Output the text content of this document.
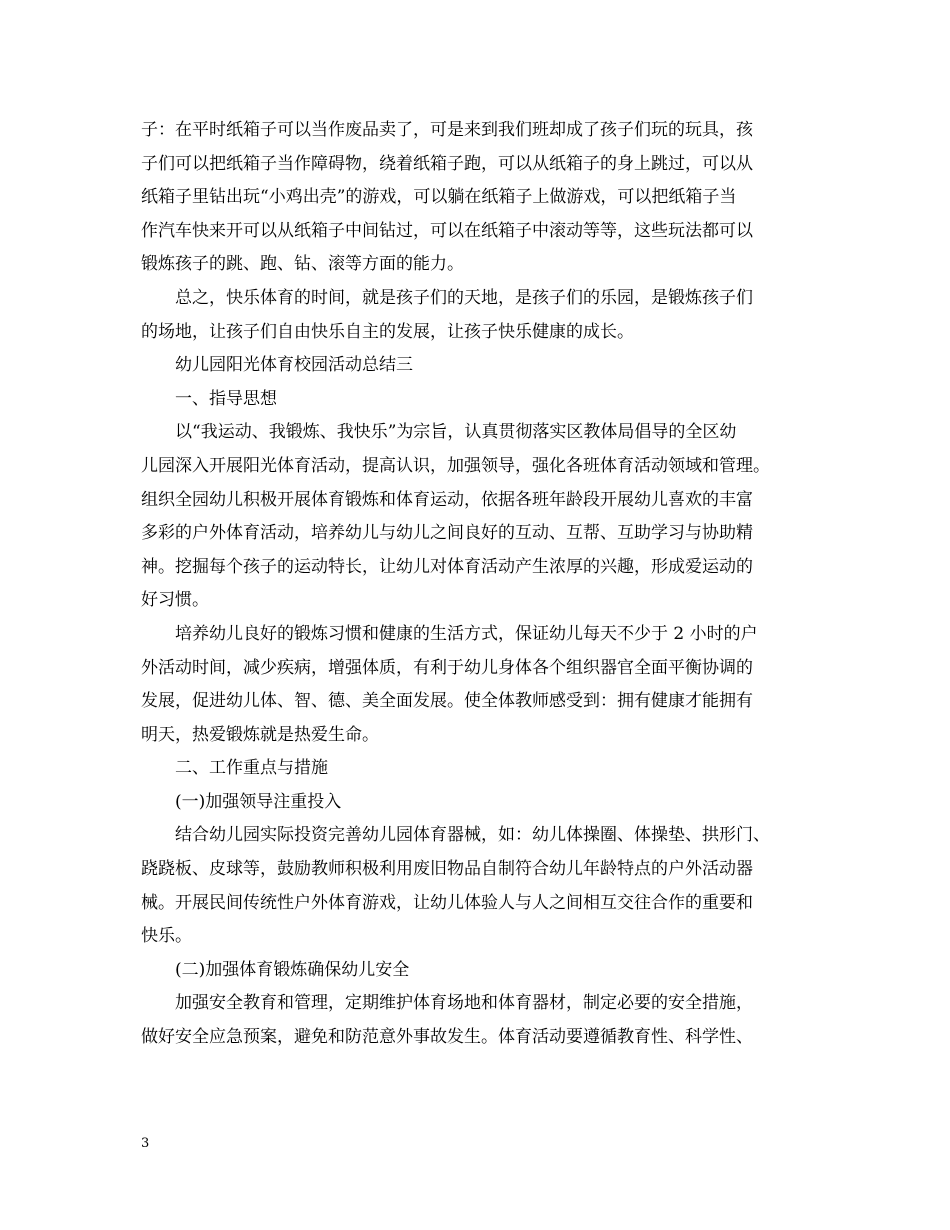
子：在平时纸箱子可以当作废品卖了，可是来到我们班却成了孩子们玩的玩具，孩
子们可以把纸箱子当作障碍物，绕着纸箱子跑，可以从纸箱子的身上跳过，可以从
纸箱子里钻出玩“小鸡出壳”的游戏，可以躺在纸箱子上做游戏，可以把纸箱子当
作汽车快来开可以从纸箱子中间钻过，可以在纸箱子中滚动等等，这些玩法都可以
锻炼孩子的跳、跑、钻、滚等方面的能力。
总之，快乐体育的时间，就是孩子们的天地，是孩子们的乐园，是锻炼孩子们
的场地，让孩子们自由快乐自主的发展，让孩子快乐健康的成长。
幼儿园阳光体育校园活动总结三
一、指导思想
以“我运动、我锻炼、我快乐”为宗旨，认真贯彻落实区教体局倡导的全区幼
儿园深入开展阳光体育活动，提高认识，加强领导，强化各班体育活动领域和管理。
组织全园幼儿积极开展体育锻炼和体育运动，依据各班年龄段开展幼儿喜欢的丰富
多彩的户外体育活动，培养幼儿与幼儿之间良好的互动、互帮、互助学习与协助精
神。挖掘每个孩子的运动特长，让幼儿对体育活动产生浓厚的兴趣，形成爱运动的
好习惯。
培养幼儿良好的锻炼习惯和健康的生活方式，保证幼儿每天不少于 2 小时的户
外活动时间，减少疾病，增强体质，有利于幼儿身体各个组织器官全面平衡协调的
发展，促进幼儿体、智、德、美全面发展。使全体教师感受到：拥有健康才能拥有
明天，热爱锻炼就是热爱生命。
二、工作重点与措施
(一)加强领导注重投入
结合幼儿园实际投资完善幼儿园体育器械，如：幼儿体操圈、体操垫、拱形门、
跷跷板、皮球等，鼓励教师积极利用废旧物品自制符合幼儿年龄特点的户外活动器
械。开展民间传统性户外体育游戏，让幼儿体验人与人之间相互交往合作的重要和
快乐。
(二)加强体育锻炼确保幼儿安全
加强安全教育和管理，定期维护体育场地和体育器材，制定必要的安全措施，
做好安全应急预案，避免和防范意外事故发生。体育活动要遵循教育性、科学性、
3
